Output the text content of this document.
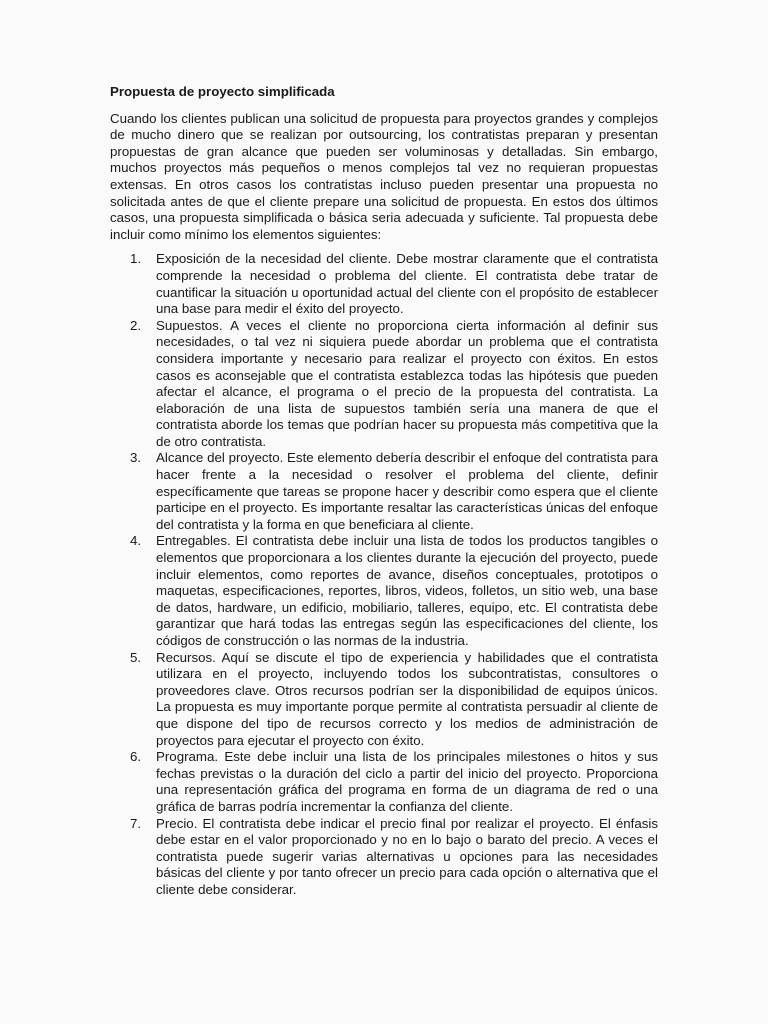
Propuesta de proyecto simplificada

Cuando los clientes publican una solicitud de propuesta para proyectos grandes y complejos de mucho dinero que se realizan por outsourcing, los contratistas preparan y presentan propuestas de gran alcance que pueden ser voluminosas y detalladas. Sin embargo, muchos proyectos más pequeños o menos complejos tal vez no requieran propuestas extensas. En otros casos los contratistas incluso pueden presentar una propuesta no solicitada antes de que el cliente prepare una solicitud de propuesta. En estos dos últimos casos, una propuesta simplificada o básica seria adecuada y suficiente. Tal propuesta debe incluir como mínimo los elementos siguientes:

1.	Exposición de la necesidad del cliente. Debe mostrar claramente que el contratista comprende la necesidad o problema del cliente. El contratista debe tratar de cuantificar la situación u oportunidad actual del cliente con el propósito de establecer una base para medir el éxito del proyecto.
2.	Supuestos. A veces el cliente no proporciona cierta información al definir sus necesidades, o tal vez ni siquiera puede abordar un problema que el contratista considera importante y necesario para realizar el proyecto con éxitos. En estos casos es aconsejable que el contratista establezca todas las hipótesis que pueden afectar el alcance, el programa o el precio de la propuesta del contratista. La elaboración de una lista de supuestos también sería una manera de que el contratista aborde los temas que podrían hacer su propuesta más competitiva que la de otro contratista.
3.	Alcance del proyecto. Este elemento debería describir el enfoque del contratista para hacer frente a la necesidad o resolver el problema del cliente, definir específicamente que tareas se propone hacer y describir como espera que el cliente participe en el proyecto. Es importante resaltar las características únicas del enfoque del contratista y la forma en que beneficiara al cliente.
4.	Entregables. El contratista debe incluir una lista de todos los productos tangibles o elementos que proporcionara a los clientes durante la ejecución del proyecto, puede incluir elementos, como reportes de avance, diseños conceptuales, prototipos o maquetas, especificaciones, reportes, libros, videos, folletos, un sitio web, una base de datos, hardware, un edificio, mobiliario, talleres, equipo, etc. El contratista debe garantizar que hará todas las entregas según las especificaciones del cliente, los códigos de construcción o las normas de la industria.
5.	Recursos. Aquí se discute el tipo de experiencia y habilidades que el contratista utilizara en el proyecto, incluyendo todos los subcontratistas, consultores o proveedores clave. Otros recursos podrían ser la disponibilidad de equipos únicos. La propuesta es muy importante porque permite al contratista persuadir al cliente de que dispone del tipo de recursos correcto y los medios de administración de proyectos para ejecutar el proyecto con éxito.
6.	Programa. Este debe incluir una lista de los principales milestones o hitos y sus fechas previstas o la duración del ciclo a partir del inicio del proyecto. Proporciona una representación gráfica del programa en forma de un diagrama de red o una gráfica de barras podría incrementar la confianza del cliente.
7.	Precio. El contratista debe indicar el precio final por realizar el proyecto. El énfasis debe estar en el valor proporcionado y no en lo bajo o barato del precio. A veces el contratista puede sugerir varias alternativas u opciones para las necesidades básicas del cliente y por tanto ofrecer un precio para cada opción o alternativa que el cliente debe considerar.
